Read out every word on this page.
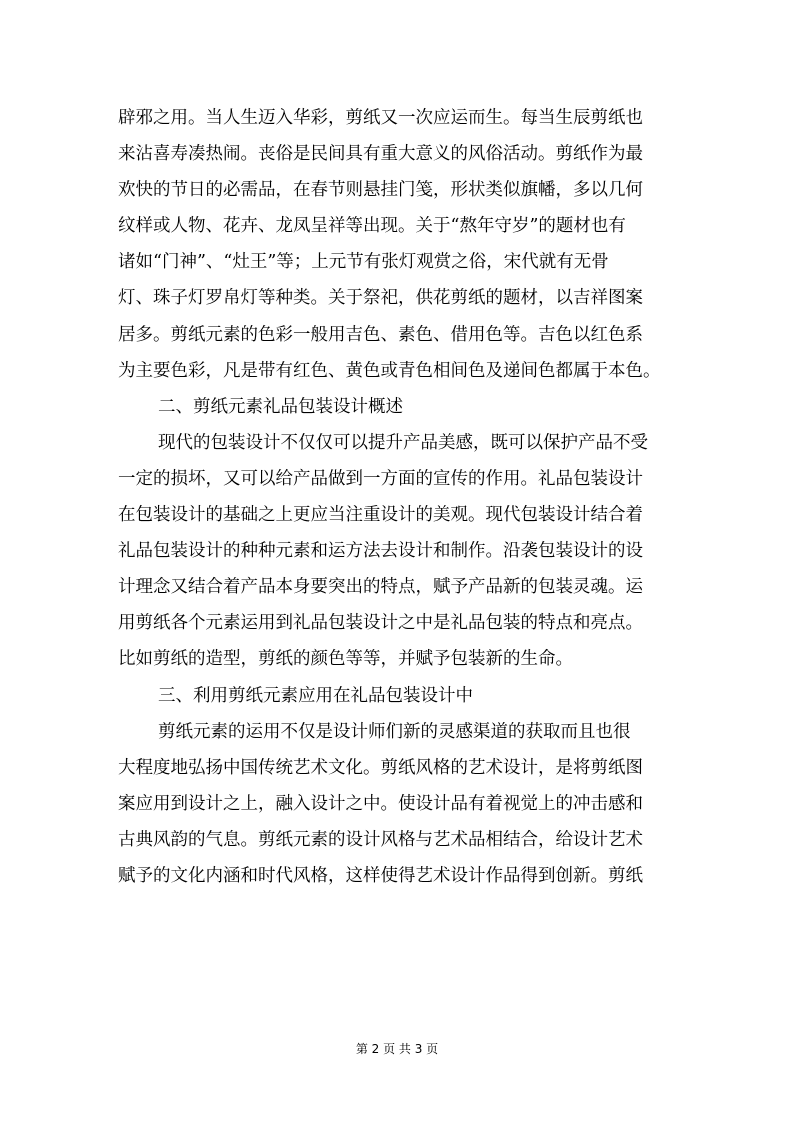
辟邪之用。当人生迈入华彩，剪纸又一次应运而生。每当生辰剪纸也
来沾喜寿凑热闹。丧俗是民间具有重大意义的风俗活动。剪纸作为最
欢快的节日的必需品，在春节则悬挂门笺，形状类似旗幡，多以几何
纹样或人物、花卉、龙凤呈祥等出现。关于“熬年守岁”的题材也有
诸如“门神”、“灶王”等；上元节有张灯观赏之俗，宋代就有无骨
灯、珠子灯罗帛灯等种类。关于祭祀，供花剪纸的题材，以吉祥图案
居多。剪纸元素的色彩一般用吉色、素色、借用色等。吉色以红色系
为主要色彩，凡是带有红色、黄色或青色相间色及递间色都属于本色。
二、剪纸元素礼品包装设计概述
现代的包装设计不仅仅可以提升产品美感，既可以保护产品不受
一定的损坏，又可以给产品做到一方面的宣传的作用。礼品包装设计
在包装设计的基础之上更应当注重设计的美观。现代包装设计结合着
礼品包装设计的种种元素和运方法去设计和制作。沿袭包装设计的设
计理念又结合着产品本身要突出的特点，赋予产品新的包装灵魂。运
用剪纸各个元素运用到礼品包装设计之中是礼品包装的特点和亮点。
比如剪纸的造型，剪纸的颜色等等，并赋予包装新的生命。
三、利用剪纸元素应用在礼品包装设计中
剪纸元素的运用不仅是设计师们新的灵感渠道的获取而且也很
大程度地弘扬中国传统艺术文化。剪纸风格的艺术设计，是将剪纸图
案应用到设计之上，融入设计之中。使设计品有着视觉上的冲击感和
古典风韵的气息。剪纸元素的设计风格与艺术品相结合，给设计艺术
赋予的文化内涵和时代风格，这样使得艺术设计作品得到创新。剪纸
第 2 页 共 3 页
